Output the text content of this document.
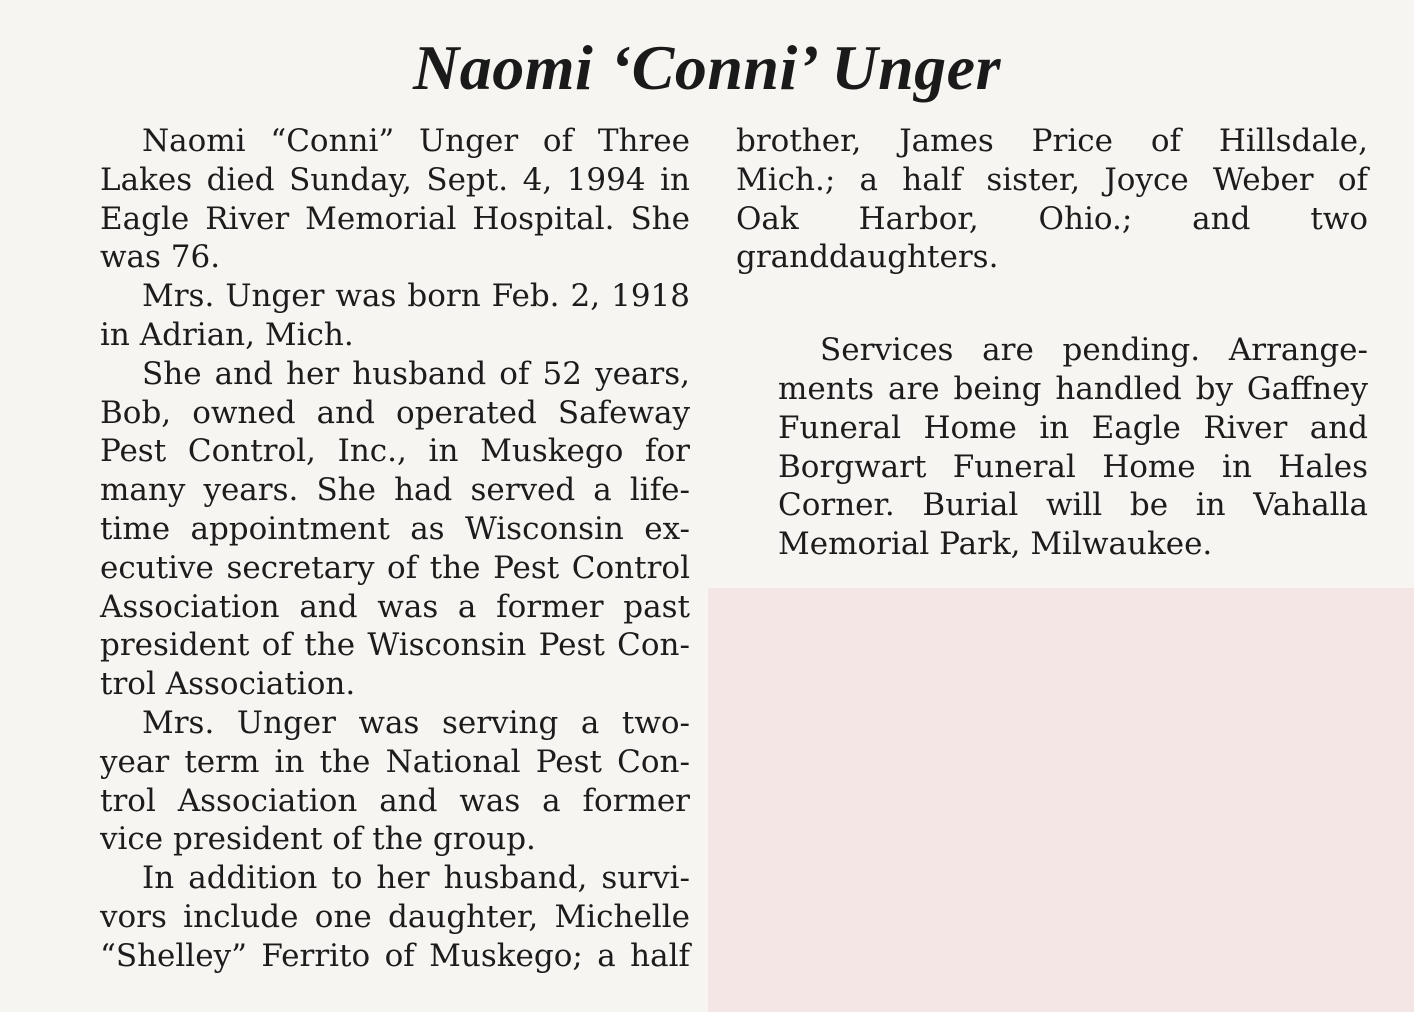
Naomi ‘Conni’ Unger

Naomi “Conni” Unger of Three
Lakes died Sunday, Sept. 4, 1994 in
Eagle River Memorial Hospital. She
was 76.

Mrs. Unger was born Feb. 2, 1918
in Adrian, Mich.

She and her husband of 52 years,
Bob, owned and operated Safeway
Pest Control, Inc., in Muskego for
many years. She had served a life-
time appointment as Wisconsin ex-
ecutive secretary of the Pest Control
Association and was a former past
president of the Wisconsin Pest Con-
trol Association.

Mrs. Unger was serving a two-
year term in the National Pest Con-
trol Association and was a former
vice president of the group.

In addition to her husband, survi-
vors include one daughter, Michelle
“Shelley” Ferrito of Muskego; a half

brother, James Price of Hillsdale,
Mich.; a half sister, Joyce Weber of
Oak Harbor, Ohio.; and two
granddaughters.

Services are pending. Arrange-
ments are being handled by Gaffney
Funeral Home in Eagle River and
Borgwart Funeral Home in Hales
Corner. Burial will be in Vahalla
Memorial Park, Milwaukee.
